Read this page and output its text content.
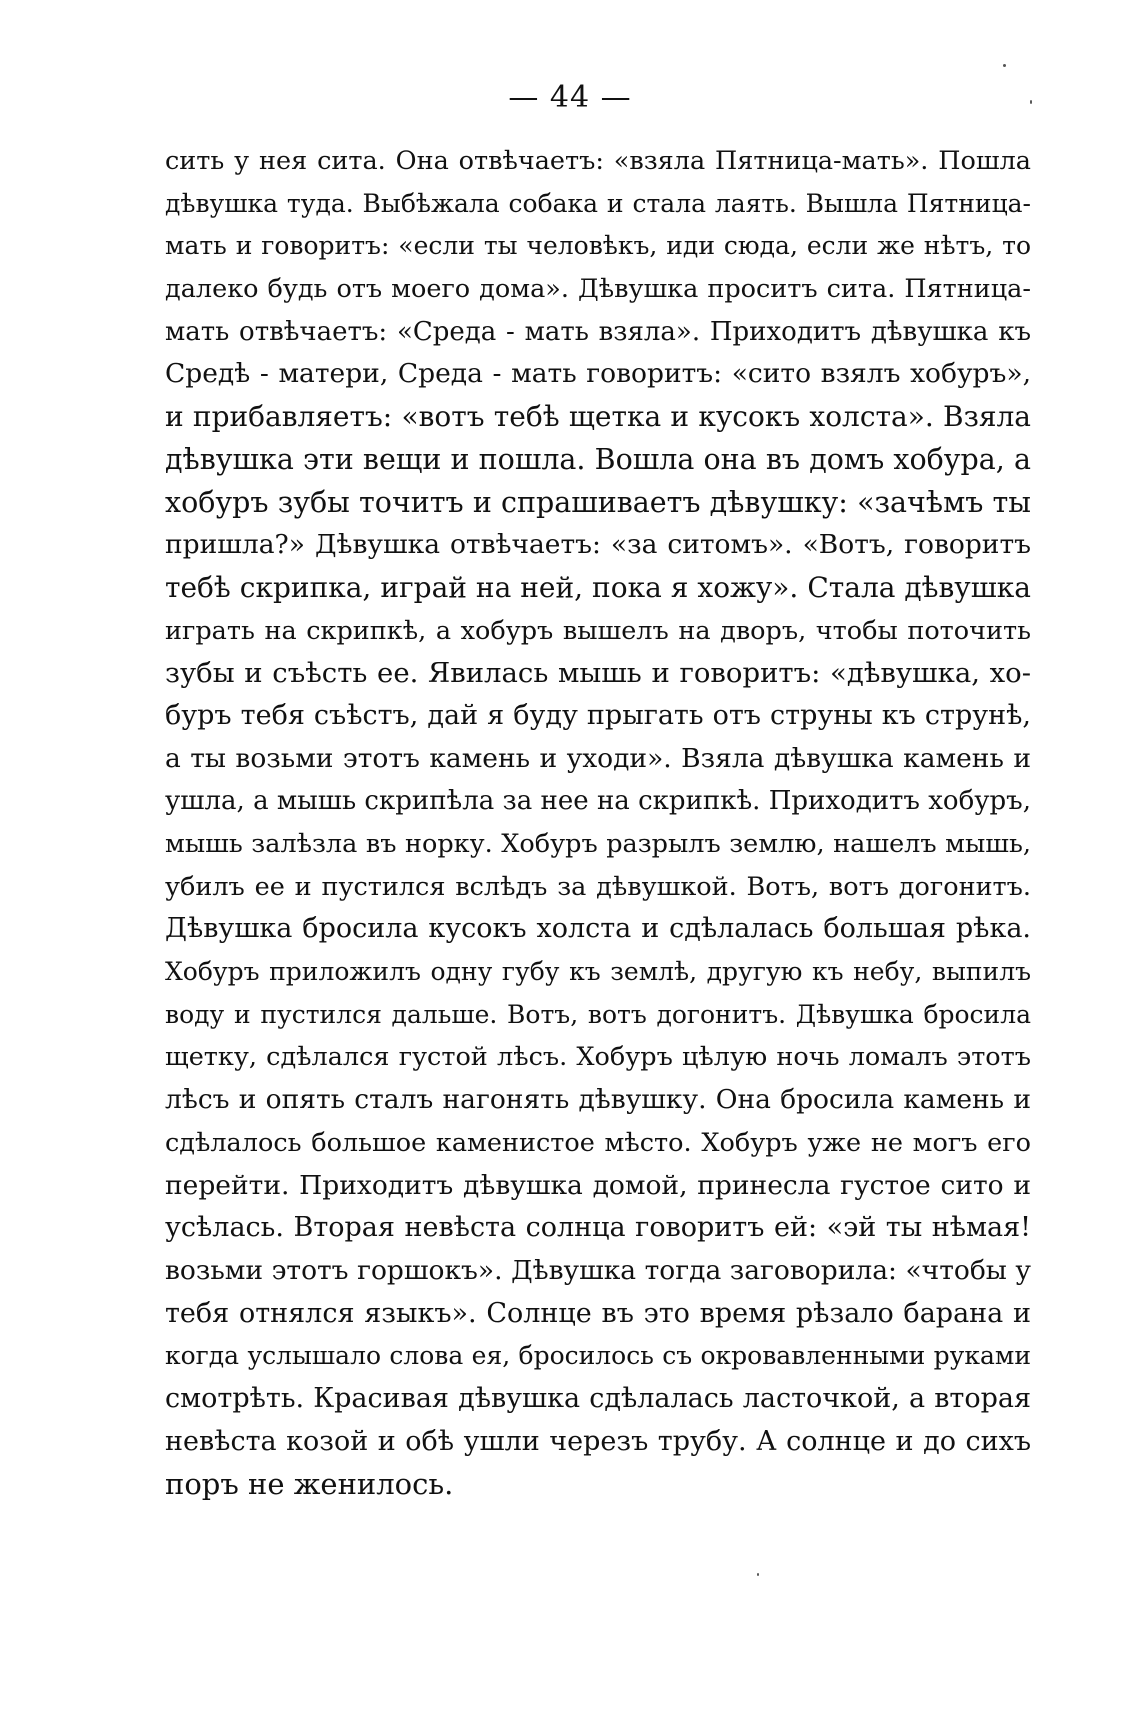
— 44 —
сить у нея сита. Она отвѣчаетъ: «взяла Пятница-мать». Пошла
дѣвушка туда. Выбѣжала собака и стала лаять. Вышла Пятница-
мать и говоритъ: «если ты человѣкъ, иди сюда, если же нѣтъ, то
далеко будь отъ моего дома». Дѣвушка проситъ сита. Пятница-
мать отвѣчаетъ: «Среда - мать взяла». Приходитъ дѣвушка къ
Средѣ - матери, Среда - мать говоритъ: «сито взялъ хобуръ»,
и прибавляетъ: «вотъ тебѣ щетка и кусокъ холста». Взяла
дѣвушка эти вещи и пошла. Вошла она въ домъ хобура, а
хобуръ зубы точитъ и спрашиваетъ дѣвушку: «зачѣмъ ты
пришла?» Дѣвушка отвѣчаетъ: «за ситомъ». «Вотъ, говоритъ
тебѣ скрипка, играй на ней, пока я хожу». Стала дѣвушка
играть на скрипкѣ, а хобуръ вышелъ на дворъ, чтобы поточить
зубы и съѣсть ее. Явилась мышь и говоритъ: «дѣвушка, хо-
буръ тебя съѣстъ, дай я буду прыгать отъ струны къ струнѣ,
а ты возьми этотъ камень и уходи». Взяла дѣвушка камень и
ушла, а мышь скрипѣла за нее на скрипкѣ. Приходитъ хобуръ,
мышь залѣзла въ норку. Хобуръ разрылъ землю, нашелъ мышь,
убилъ ее и пустился вслѣдъ за дѣвушкой. Вотъ, вотъ догонитъ.
Дѣвушка бросила кусокъ холста и сдѣлалась большая рѣка.
Хобуръ приложилъ одну губу къ землѣ, другую къ небу, выпилъ
воду и пустился дальше. Вотъ, вотъ догонитъ. Дѣвушка бросила
щетку, сдѣлался густой лѣсъ. Хобуръ цѣлую ночь ломалъ этотъ
лѣсъ и опять сталъ нагонять дѣвушку. Она бросила камень и
сдѣлалось большое каменистое мѣсто. Хобуръ уже не могъ его
перейти. Приходитъ дѣвушка домой, принесла густое сито и
усѣлась. Вторая невѣста солнца говоритъ ей: «эй ты нѣмая!
возьми этотъ горшокъ». Дѣвушка тогда заговорила: «чтобы у
тебя отнялся языкъ». Солнце въ это время рѣзало барана и
когда услышало слова ея, бросилось съ окровавленными руками
смотрѣть. Красивая дѣвушка сдѣлалась ласточкой, а вторая
невѣста козой и обѣ ушли черезъ трубу. А солнце и до сихъ
поръ не женилось.
